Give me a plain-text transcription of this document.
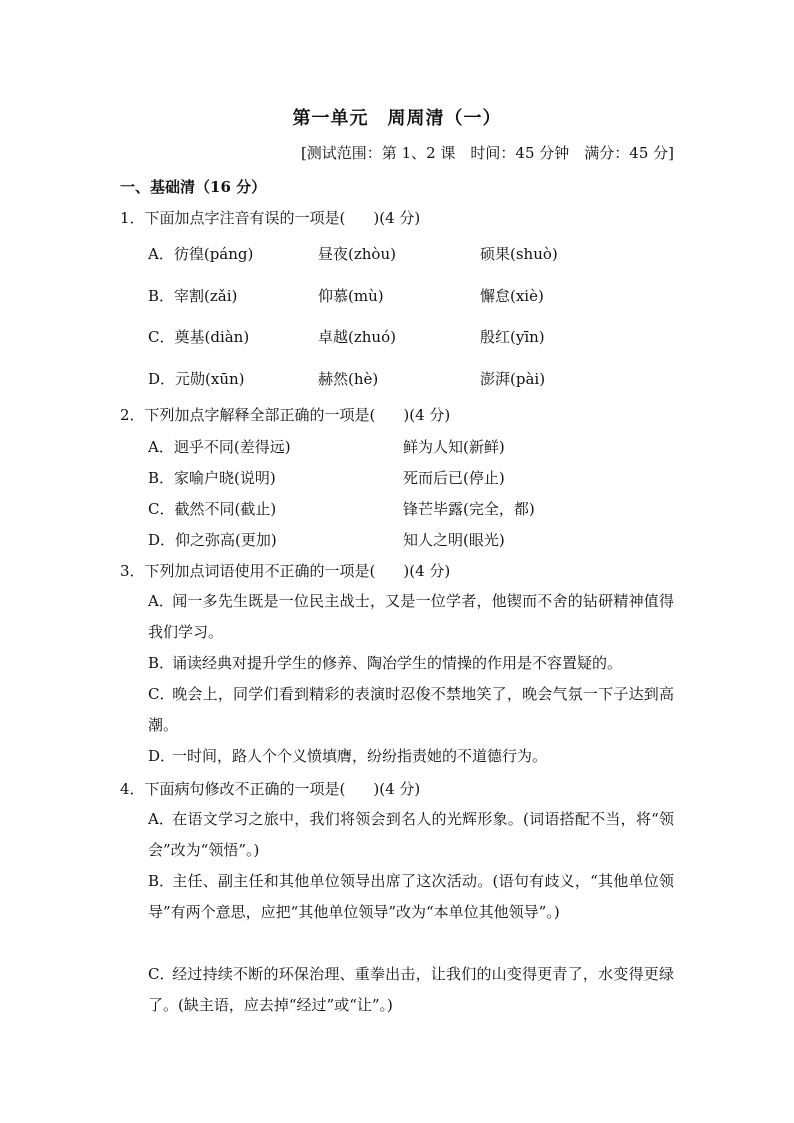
第一单元　周周清（一）
[测试范围：第 1、2 课　时间：45 分钟　满分：45 分]
一、基础清（16 分）
1．下面加点字注音有误的一项是( )(4 分)
A．彷徨(páng)	昼夜(zhòu)	硕果(shuò)
B．宰割(zǎi)	仰慕(mù)	懈怠(xiè)
C．奠基(diàn)	卓越(zhuó)	殷红(yīn)
D．元勋(xūn)	赫然(hè)	澎湃(pài)
2．下列加点字解释全部正确的一项是( )(4 分)
A．迥乎不同(差得远)	鲜为人知(新鲜)
B．家喻户晓(说明)	死而后已(停止)
C．截然不同(截止)	锋芒毕露(完全，都)
D．仰之弥高(更加)	知人之明(眼光)
3．下列加点词语使用不正确的一项是( )(4 分)
A．闻一多先生既是一位民主战士，又是一位学者，他锲而不舍的钻研精神值得我们学习。
B．诵读经典对提升学生的修养、陶冶学生的情操的作用是不容置疑的。
C．晚会上，同学们看到精彩的表演时忍俊不禁地笑了，晚会气氛一下子达到高潮。
D．一时间，路人个个义愤填膺，纷纷指责她的不道德行为。
4．下面病句修改不正确的一项是( )(4 分)
A．在语文学习之旅中，我们将领会到名人的光辉形象。(词语搭配不当，将“领会”改为“领悟”。)
B．主任、副主任和其他单位领导出席了这次活动。(语句有歧义，“其他单位领导”有两个意思，应把“其他单位领导”改为“本单位其他领导”。)
C．经过持续不断的环保治理、重拳出击，让我们的山变得更青了，水变得更绿了。(缺主语，应去掉“经过”或“让”。)
